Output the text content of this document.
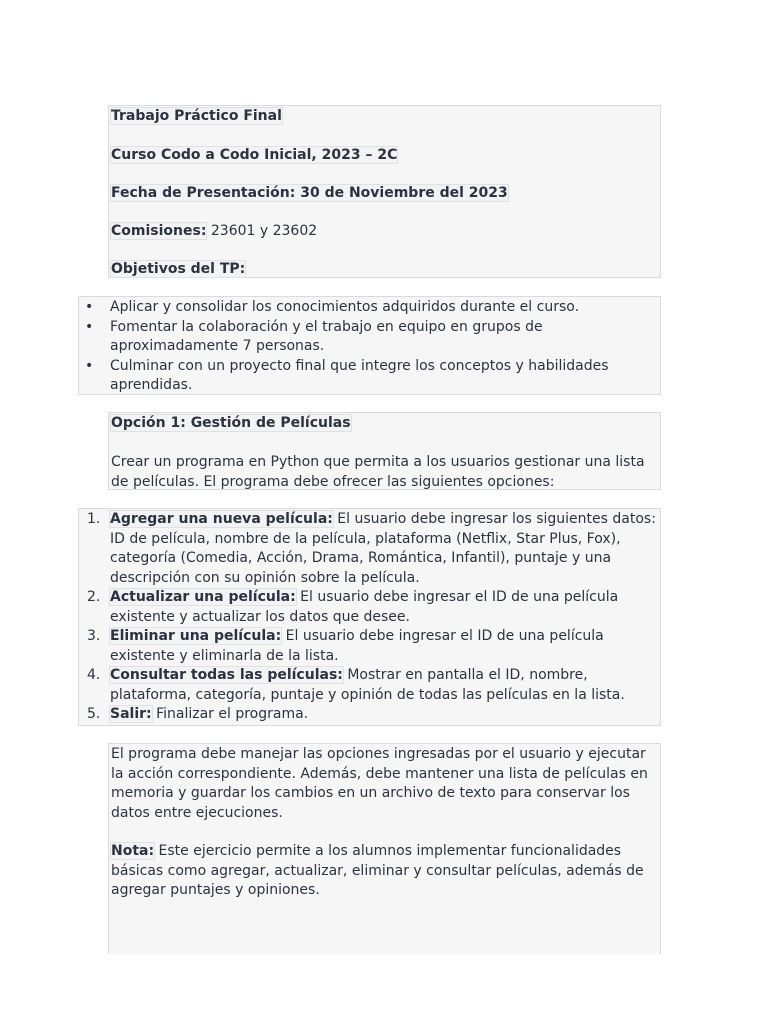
Trabajo Práctico Final
Curso Codo a Codo Inicial, 2023 – 2C
Fecha de Presentación: 30 de Noviembre del 2023
Comisiones: 23601 y 23602
Objetivos del TP:
• Aplicar y consolidar los conocimientos adquiridos durante el curso.
• Fomentar la colaboración y el trabajo en equipo en grupos de aproximadamente 7 personas.
• Culminar con un proyecto final que integre los conceptos y habilidades aprendidas.
Opción 1: Gestión de Películas

Crear un programa en Python que permita a los usuarios gestionar una lista de películas. El programa debe ofrecer las siguientes opciones:

1. Agregar una nueva película: El usuario debe ingresar los siguientes datos: ID de película, nombre de la película, plataforma (Netflix, Star Plus, Fox), categoría (Comedia, Acción, Drama, Romántica, Infantil), puntaje y una descripción con su opinión sobre la película.
2. Actualizar una película: El usuario debe ingresar el ID de una película existente y actualizar los datos que desee.
3. Eliminar una película: El usuario debe ingresar el ID de una película existente y eliminarla de la lista.
4. Consultar todas las películas: Mostrar en pantalla el ID, nombre, plataforma, categoría, puntaje y opinión de todas las películas en la lista.
5. Salir: Finalizar el programa.

El programa debe manejar las opciones ingresadas por el usuario y ejecutar la acción correspondiente. Además, debe mantener una lista de películas en memoria y guardar los cambios en un archivo de texto para conservar los datos entre ejecuciones.

Nota: Este ejercicio permite a los alumnos implementar funcionalidades básicas como agregar, actualizar, eliminar y consultar películas, además de agregar puntajes y opiniones.
